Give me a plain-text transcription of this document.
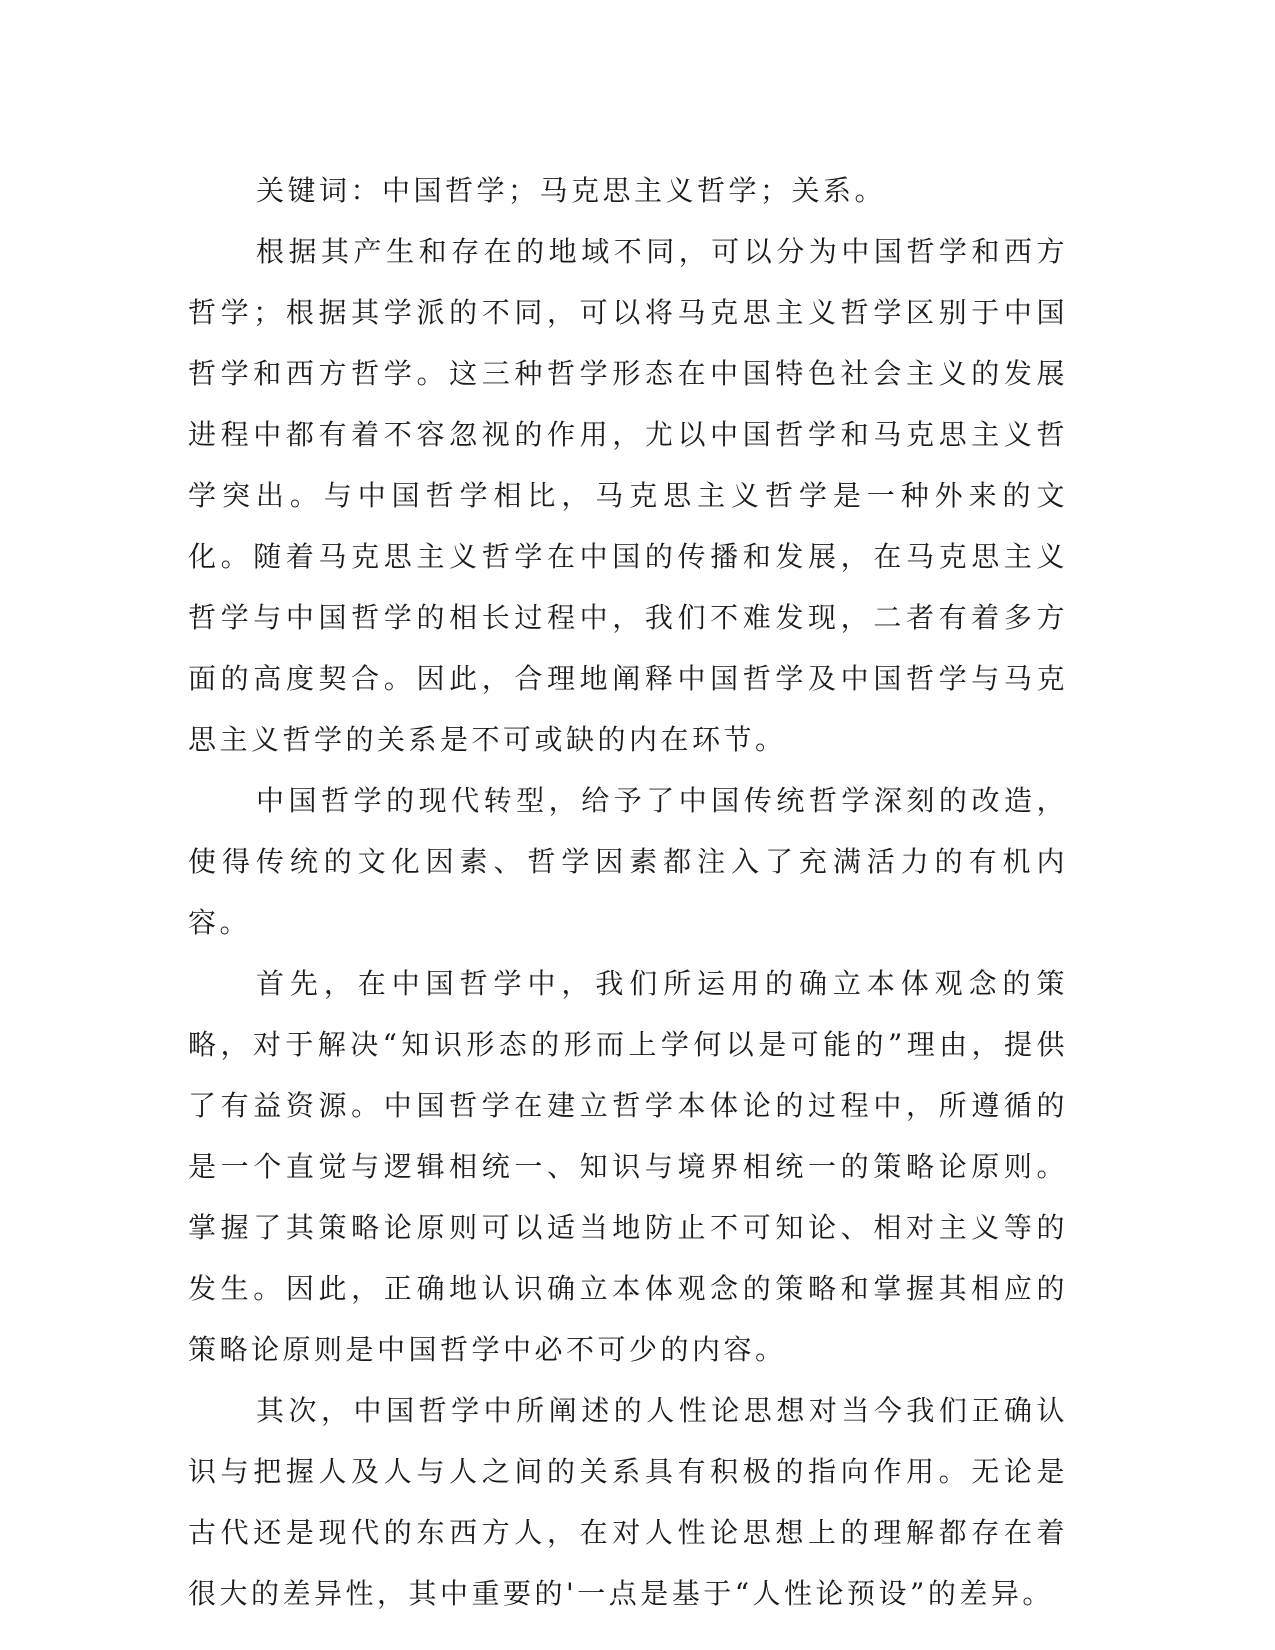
关键词：中国哲学；马克思主义哲学；关系。

根据其产生和存在的地域不同，可以分为中国哲学和西方哲学；根据其学派的不同，可以将马克思主义哲学区别于中国哲学和西方哲学。这三种哲学形态在中国特色社会主义的发展进程中都有着不容忽视的作用，尤以中国哲学和马克思主义哲学突出。与中国哲学相比，马克思主义哲学是一种外来的文化。随着马克思主义哲学在中国的传播和发展，在马克思主义哲学与中国哲学的相长过程中，我们不难发现，二者有着多方面的高度契合。因此，合理地阐释中国哲学及中国哲学与马克思主义哲学的关系是不可或缺的内在环节。

中国哲学的现代转型，给予了中国传统哲学深刻的改造，使得传统的文化因素、哲学因素都注入了充满活力的有机内容。

首先，在中国哲学中，我们所运用的确立本体观念的策略，对于解决“知识形态的形而上学何以是可能的”理由，提供了有益资源。中国哲学在建立哲学本体论的过程中，所遵循的是一个直觉与逻辑相统一、知识与境界相统一的策略论原则。掌握了其策略论原则可以适当地防止不可知论、相对主义等的发生。因此，正确地认识确立本体观念的策略和掌握其相应的策略论原则是中国哲学中必不可少的内容。

其次，中国哲学中所阐述的人性论思想对当今我们正确认识与把握人及人与人之间的关系具有积极的指向作用。无论是古代还是现代的东西方人，在对人性论思想上的理解都存在着很大的差异性，其中重要的'一点是基于“人性论预设”的差异。
